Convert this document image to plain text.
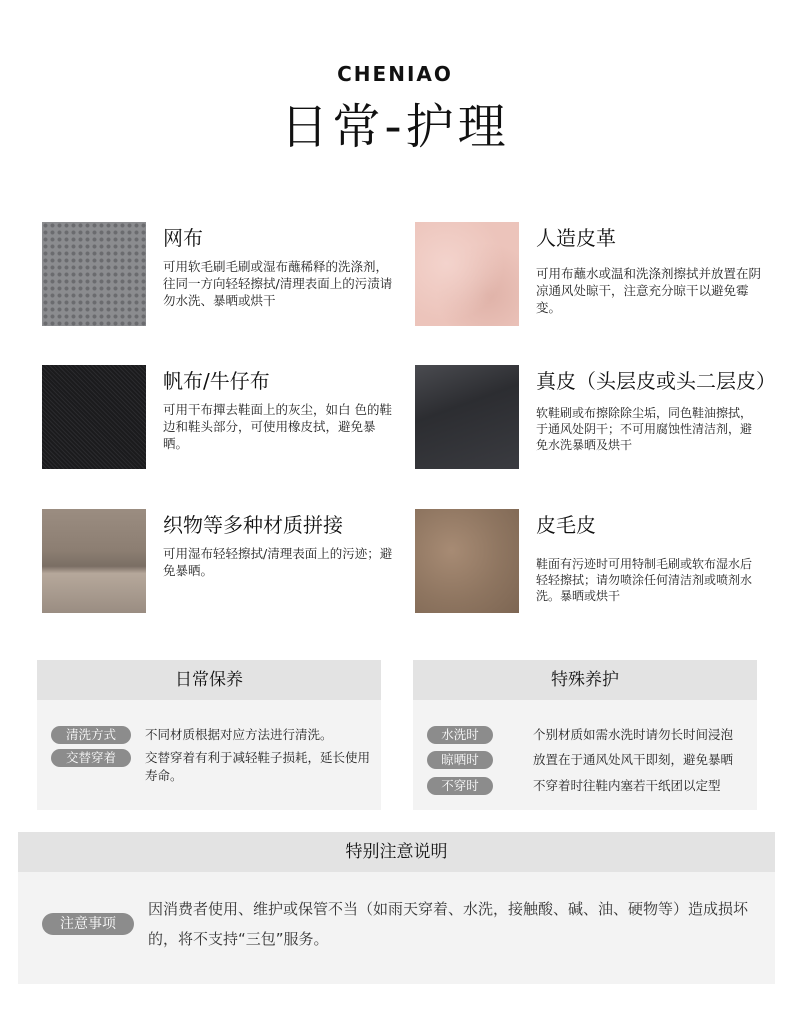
CHENIAO
日常-护理
网布
可用软毛刷毛刷或湿布蘸稀释的洗涤剂，往同一方向轻轻擦拭/清理表面上的污渍请勿水洗、暴晒或烘干
人造皮革
可用布蘸水或温和洗涤剂擦拭并放置在阴凉通风处晾干，注意充分晾干以避免霉变。
帆布/牛仔布
可用干布撣去鞋面上的灰尘，如白 色的鞋边和鞋头部分，可使用橡皮拭，避免暴晒。
真皮（头层皮或头二层皮）
软鞋刷或布擦除除尘垢，同色鞋油擦拭，于通风处阴干；不可用腐蚀性清洁剂，避免水洗暴晒及烘干
织物等多种材质拼接
可用湿布轻轻擦拭/清理表面上的污迹；避免暴晒。
皮毛皮
鞋面有污迹时可用特制毛刷或软布湿水后轻轻擦拭；请勿喷涂任何清洁剂或喷剂水洗。暴晒或烘干
日常保养
清洗方式	不同材质根据对应方法进行清洗。
交替穿着	交替穿着有利于减轻鞋子损耗，延长使用寿命。
特殊养护
水洗时	个别材质如需水洗时请勿长时间浸泡
晾晒时	放置在于通风处风干即刻，避免暴晒
不穿时	不穿着时往鞋内塞若干纸团以定型
特别注意说明
注意事项
因消费者使用、维护或保管不当（如雨天穿着、水洗，接触酸、碱、油、硬物等）造成损坏的，将不支持“三包”服务。
